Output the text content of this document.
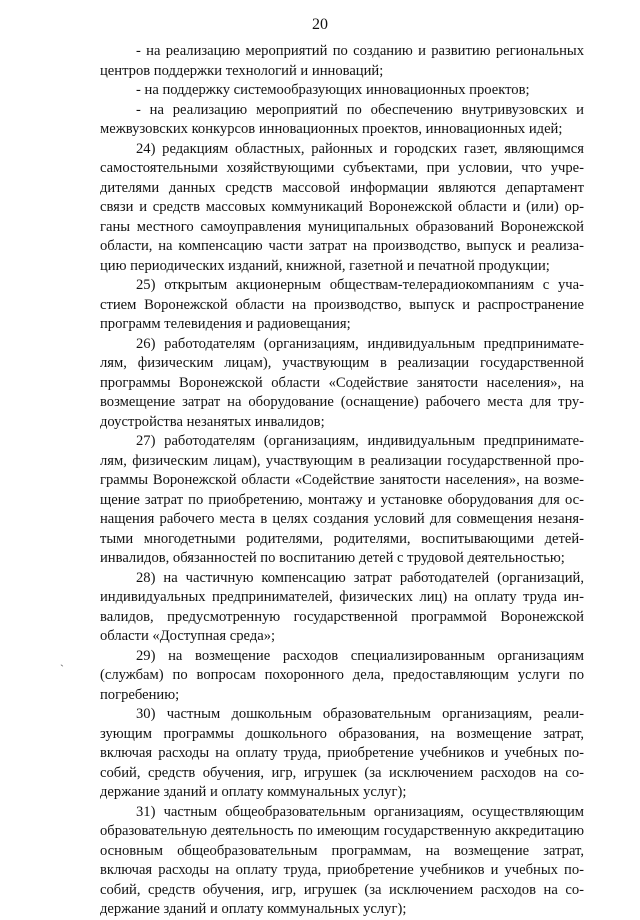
20
`

- на реализацию мероприятий по созданию и развитию региональных центров поддержки технологий и инноваций;

- на поддержку системообразующих инновационных проектов;

- на реализацию мероприятий по обеспечению внутривузовских и межвузовских конкурсов инновационных проектов, инновационных идей;

24) редакциям областных, районных и городских газет, являющимся самостоятельными хозяйствующими субъектами, при условии, что учредителями данных средств массовой информации являются департамент связи и средств массовых коммуникаций Воронежской области и (или) органы местного самоуправления муниципальных образований Воронежской области, на компенсацию части затрат на производство, выпуск и реализацию периодических изданий, книжной, газетной и печатной продукции;

25) открытым акционерным обществам-телерадиокомпаниям с участием Воронежской области на производство, выпуск и распространение программ телевидения и радиовещания;

26) работодателям (организациям, индивидуальным предпринимателям, физическим лицам), участвующим в реализации государственной программы Воронежской области «Содействие занятости населения», на возмещение затрат на оборудование (оснащение) рабочего места для трудоустройства незанятых инвалидов;

27) работодателям (организациям, индивидуальным предпринимателям, физическим лицам), участвующим в реализации государственной программы Воронежской области «Содействие занятости населения», на возмещение затрат по приобретению, монтажу и установке оборудования для оснащения рабочего места в целях создания условий для совмещения незанятыми многодетными родителями, родителями, воспитывающими детей-инвалидов, обязанностей по воспитанию детей с трудовой деятельностью;

28) на частичную компенсацию затрат работодателей (организаций, индивидуальных предпринимателей, физических лиц) на оплату труда инвалидов, предусмотренную государственной программой Воронежской области «Доступная среда»;

29) на возмещение расходов специализированным организациям (службам) по вопросам похоронного дела, предоставляющим услуги по погребению;

30) частным дошкольным образовательным организациям, реализующим программы дошкольного образования, на возмещение затрат, включая расходы на оплату труда, приобретение учебников и учебных пособий, средств обучения, игр, игрушек (за исключением расходов на содержание зданий и оплату коммунальных услуг);

31) частным общеобразовательным организациям, осуществляющим образовательную деятельность по имеющим государственную аккредитацию основным общеобразовательным программам, на возмещение затрат, включая расходы на оплату труда, приобретение учебников и учебных пособий, средств обучения, игр, игрушек (за исключением расходов на содержание зданий и оплату коммунальных услуг);
